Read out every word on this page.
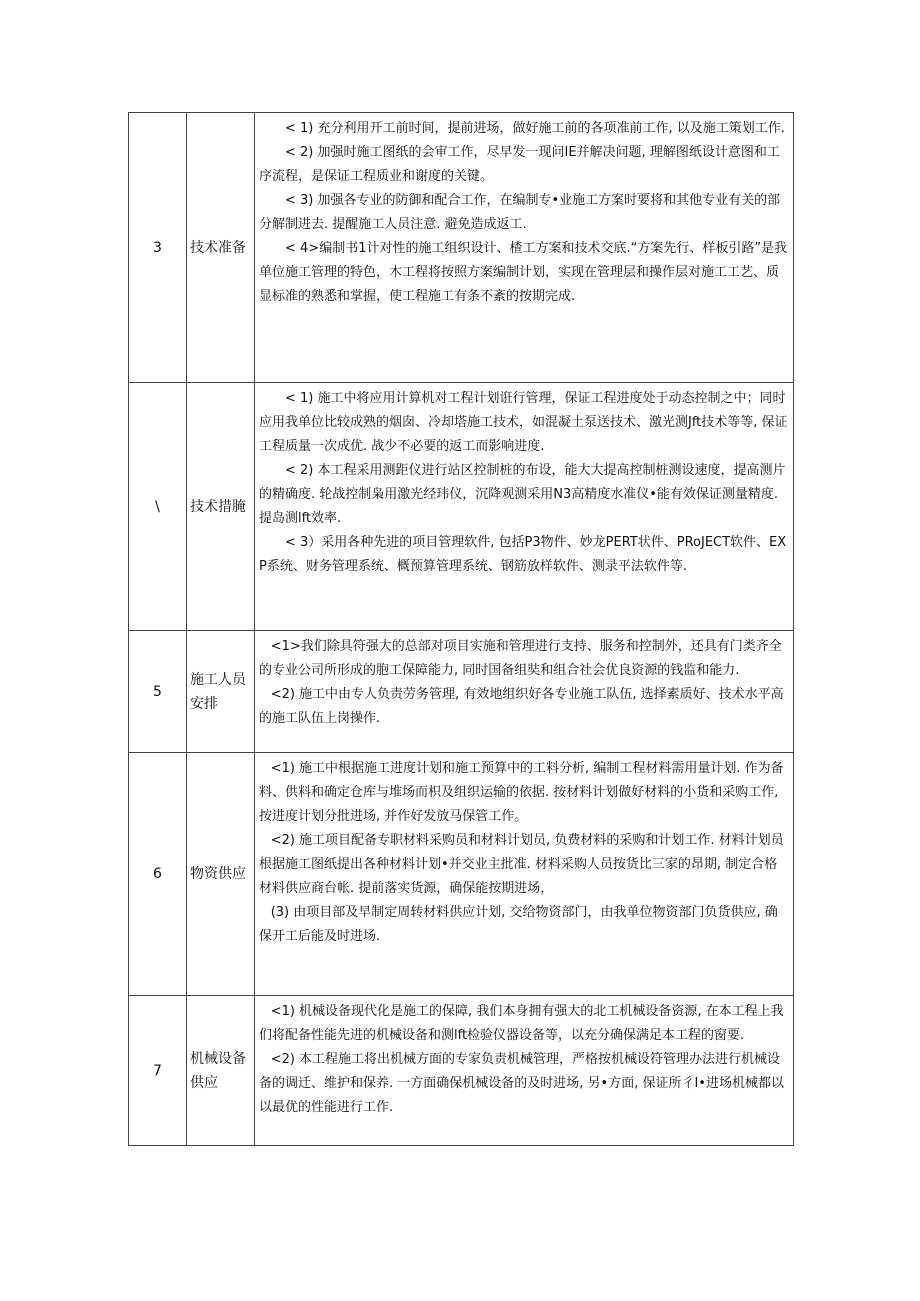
3	技术准备	< 1) 充分利用开工前时间，提前进场，做好施工前的各项准前工作, 以及施工策划工作.

< 2) 加强时施工图纸的会审工作，尽早发一现问IE并解决问题, 理解图纸设计意图和工序流程，是保证工程质业和谢度的关键。

< 3) 加强各专业的防御和配合工作，在编制专•业施工方案时要将和其他专业有关的部分解制进去. 提醒施工人员注意. 避免造成返工.

< 4>编制书1计对性的施工组织设计、楂工方案和技术交底.“方案先行、样板引路”是我单位施工管理的特色，木工程将按照方案编制计划，实现在管理层和操作层对施工工艺、质显标准的熟悉和掌握，使工程施工有条不紊的按期完成.

\	技术措腌	< 1) 施工中将应用计算机对工程计划诳行管理，保证工程进度处于动态控制之中；同时应用我单位比较成熟的烟囱、冷却塔施工技术，如混凝土泵送技术、激光测Jft技术等等, 保证工程质量一次成优. 战少不必要的返工而影响进度.

< 2) 本工程采用测距仪进行站区控制桩的布设，能大大提高控制桩测设速度，提高测片的精确度. 轮战控制枭用激光经玮仪，沉降观测采用N3高精度水准仪•能有效保证测量精度. 提岛测lft效率.

< 3）采用各种先进的项目管理软件, 包括P3物件、妙龙PERT状件、PRoJECT软件、EXP系统、财务管理系统、概预算管理系统、钢筋放样软件、测录平法软件等.

5	施工人员安排	<1>我们除具符强大的总部对项目实施和管理进行支持、服务和控制外，还具有门类齐全的专业公司所形成的胞工保障能力, 同时国备组奘和组合社会优良资源的钱监和能力.

<2) 施工中由专人负责劳务管理, 有效地组织好各专业施工队伍, 选择素质好、技术水平高的施工队伍上岗操作.

6	物资供应	<1) 施工中根据施工进度计划和施工预算中的工料分析, 编制工程材料需用量计划. 作为备料、供料和确定仓库与堆场而枳及组织运输的依据. 按材料计划做好材料的小货和采购工作, 按进度计划分批进场, 并作好发放马保管工作。

<2) 施工项目配备专职材料采购员和材料计划员, 负费材料的采购和计划工作. 材料计划员根据施工图纸提出各种材料计划•并交业主批准. 材料采购人员按货比三家的昂期, 制定合格材料供应商台帐. 提前落实货源，确保能按期进场，

(3) 由项目部及早制定周转材料供应计划, 交给物资部门，由我单位物资部门负货供应, 确保开工后能及时进场.

7	机械设备供应	<1) 机械设备现代化是施工的保障, 我们本身拥有强大的北工机械设备资源, 在本工程上我们将配备性能先进的机械设备和测lft检验仪器设备等，以充分确保满足本工程的窗要.

<2) 本工程施工将出机械方面的专家负责机械管理，严格按机械设符管理办法进行机械设备的调迁、维护和保养. 一方面确保机械设备的及时进场, 另•方面, 保证所彳I•进场机械都以以最优的性能进行工作.
